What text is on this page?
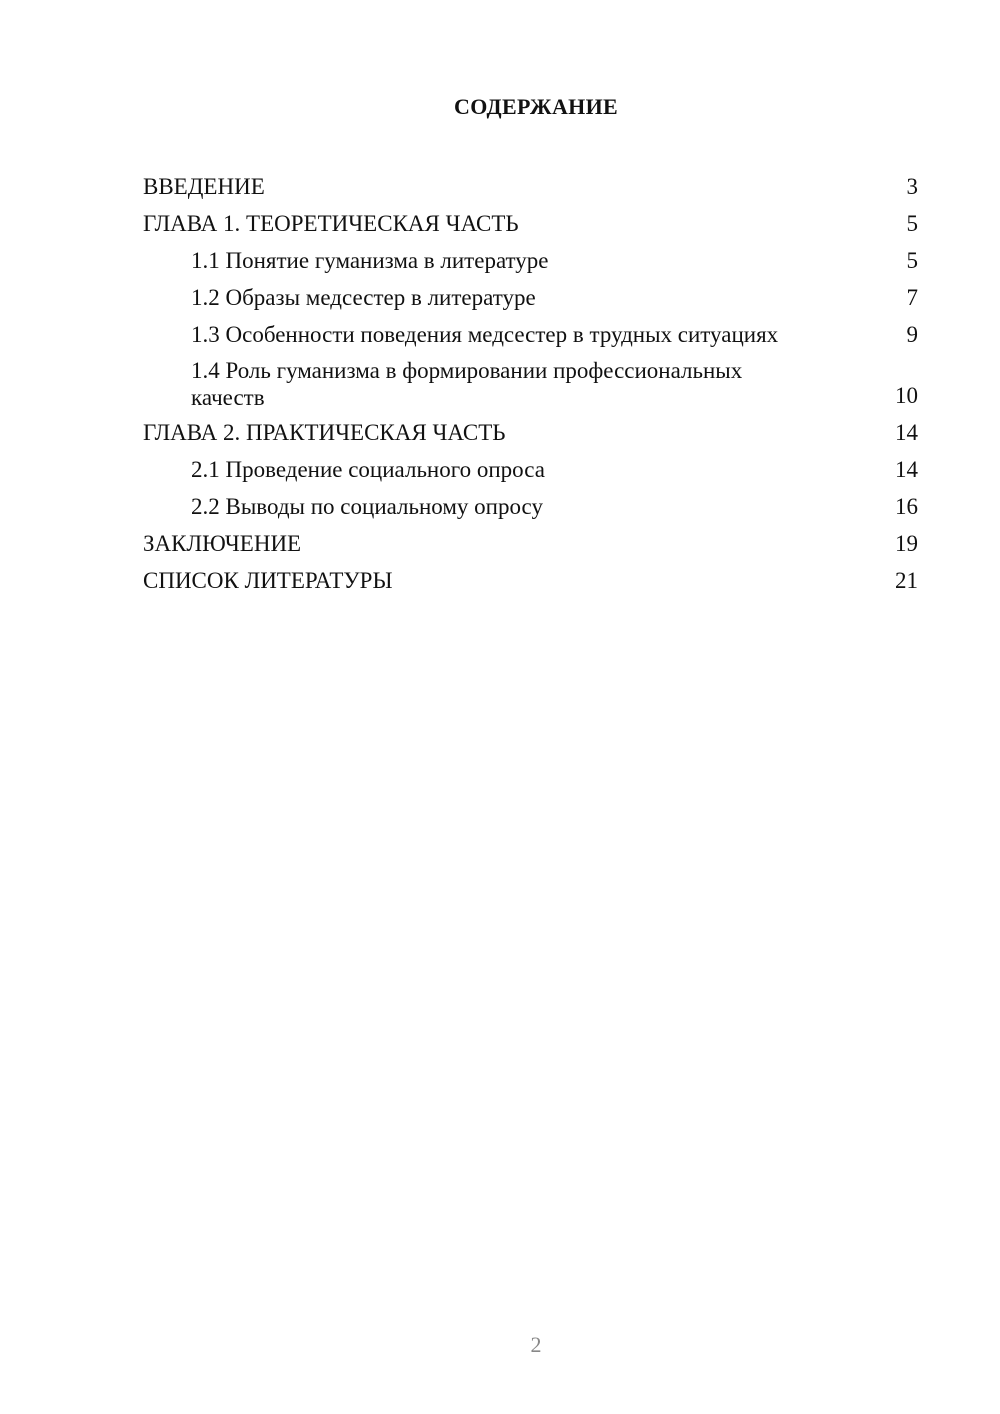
СОДЕРЖАНИЕ
ВВЕДЕНИЕ	3
ГЛАВА 1. ТЕОРЕТИЧЕСКАЯ ЧАСТЬ	5
1.1 Понятие гуманизма в литературе	5
1.2 Образы медсестер в литературе	7
1.3 Особенности поведения медсестер в трудных ситуациях	9
1.4 Роль гуманизма в формировании профессиональных качеств	10
ГЛАВА 2. ПРАКТИЧЕСКАЯ ЧАСТЬ	14
2.1 Проведение социального опроса	14
2.2 Выводы по социальному опросу	16
ЗАКЛЮЧЕНИЕ	19
СПИСОК ЛИТЕРАТУРЫ	21
2
